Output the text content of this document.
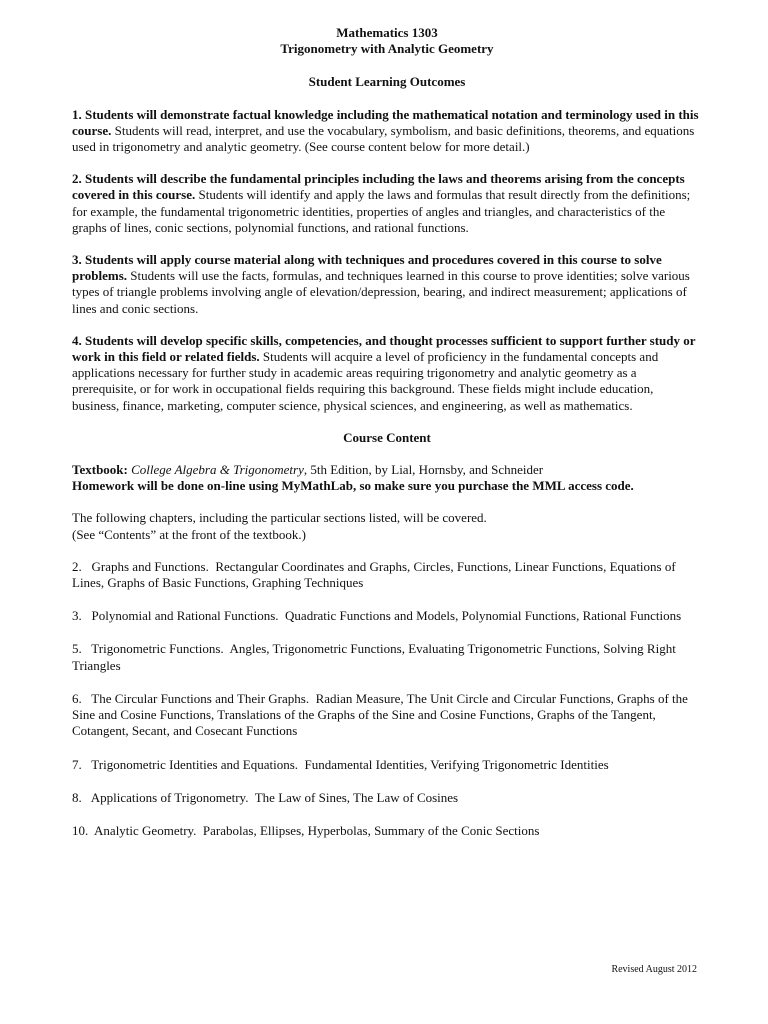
Mathematics 1303

Trigonometry with Analytic Geometry

Student Learning Outcomes

1. Students will demonstrate factual knowledge including the mathematical notation and terminology used in this course. Students will read, interpret, and use the vocabulary, symbolism, and basic definitions, theorems, and equations used in trigonometry and analytic geometry. (See course content below for more detail.)

2. Students will describe the fundamental principles including the laws and theorems arising from the concepts covered in this course. Students will identify and apply the laws and formulas that result directly from the definitions; for example, the fundamental trigonometric identities, properties of angles and triangles, and characteristics of the graphs of lines, conic sections, polynomial functions, and rational functions.

3. Students will apply course material along with techniques and procedures covered in this course to solve problems. Students will use the facts, formulas, and techniques learned in this course to prove identities; solve various types of triangle problems involving angle of elevation/depression, bearing, and indirect measurement; applications of lines and conic sections.

4. Students will develop specific skills, competencies, and thought processes sufficient to support further study or work in this field or related fields. Students will acquire a level of proficiency in the fundamental concepts and applications necessary for further study in academic areas requiring trigonometry and analytic geometry as a prerequisite, or for work in occupational fields requiring this background. These fields might include education, business, finance, marketing, computer science, physical sciences, and engineering, as well as mathematics.

Course Content

Textbook: College Algebra & Trigonometry, 5th Edition, by Lial, Hornsby, and Schneider

Homework will be done on-line using MyMathLab, so make sure you purchase the MML access code.

The following chapters, including the particular sections listed, will be covered.
(See “Contents” at the front of the textbook.)

2.   Graphs and Functions.  Rectangular Coordinates and Graphs, Circles, Functions, Linear Functions, Equations of Lines, Graphs of Basic Functions, Graphing Techniques

3.   Polynomial and Rational Functions.  Quadratic Functions and Models, Polynomial Functions, Rational Functions

5.   Trigonometric Functions.  Angles, Trigonometric Functions, Evaluating Trigonometric Functions, Solving Right Triangles

6.   The Circular Functions and Their Graphs.  Radian Measure, The Unit Circle and Circular Functions, Graphs of the Sine and Cosine Functions, Translations of the Graphs of the Sine and Cosine Functions, Graphs of the Tangent, Cotangent, Secant, and Cosecant Functions

7.   Trigonometric Identities and Equations.  Fundamental Identities, Verifying Trigonometric Identities

8.   Applications of Trigonometry.  The Law of Sines, The Law of Cosines

10.  Analytic Geometry.  Parabolas, Ellipses, Hyperbolas, Summary of the Conic Sections

Revised August 2012
